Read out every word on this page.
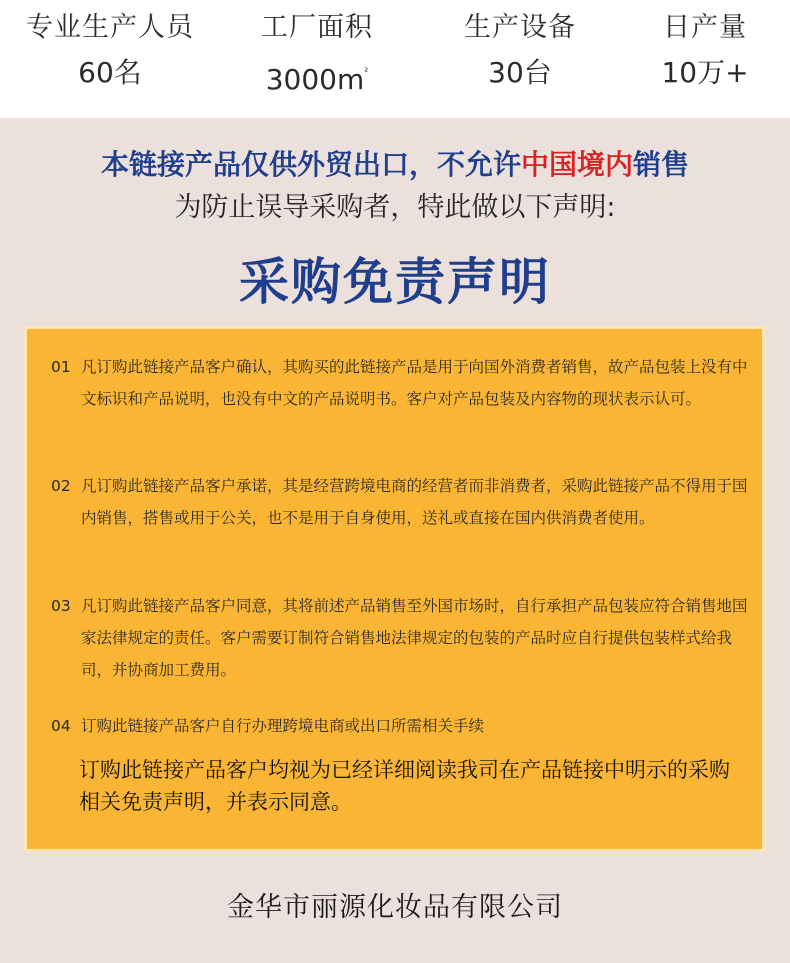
专业生产人员
60名
工厂面积
$3000m^{^2}$
生产设备
30台
日产量
10万+
本链接产品仅供外贸出口，不允许中国境内销售
为防止误导采购者，特此做以下声明:
采购免责声明
01 凡订购此链接产品客户确认，其购买的此链接产品是用于向国外消费者销售，故产品包装上没有中文标识和产品说明，也没有中文的产品说明书。客户对产品包装及内容物的现状表示认可。
02 凡订购此链接产品客户承诺，其是经营跨境电商的经营者而非消费者，采购此链接产品不得用于国内销售，搭售或用于公关，也不是用于自身使用，送礼或直接在国内供消费者使用。
03 凡订购此链接产品客户同意，其将前述产品销售至外国市场时，自行承担产品包装应符合销售地国家法律规定的责任。客户需要订制符合销售地法律规定的包装的产品时应自行提供包装样式给我司，并协商加工费用。
04 订购此链接产品客户自行办理跨境电商或出口所需相关手续
订购此链接产品客户均视为已经详细阅读我司在产品链接中明示的采购相关免责声明，并表示同意。
金华市丽源化妆品有限公司
